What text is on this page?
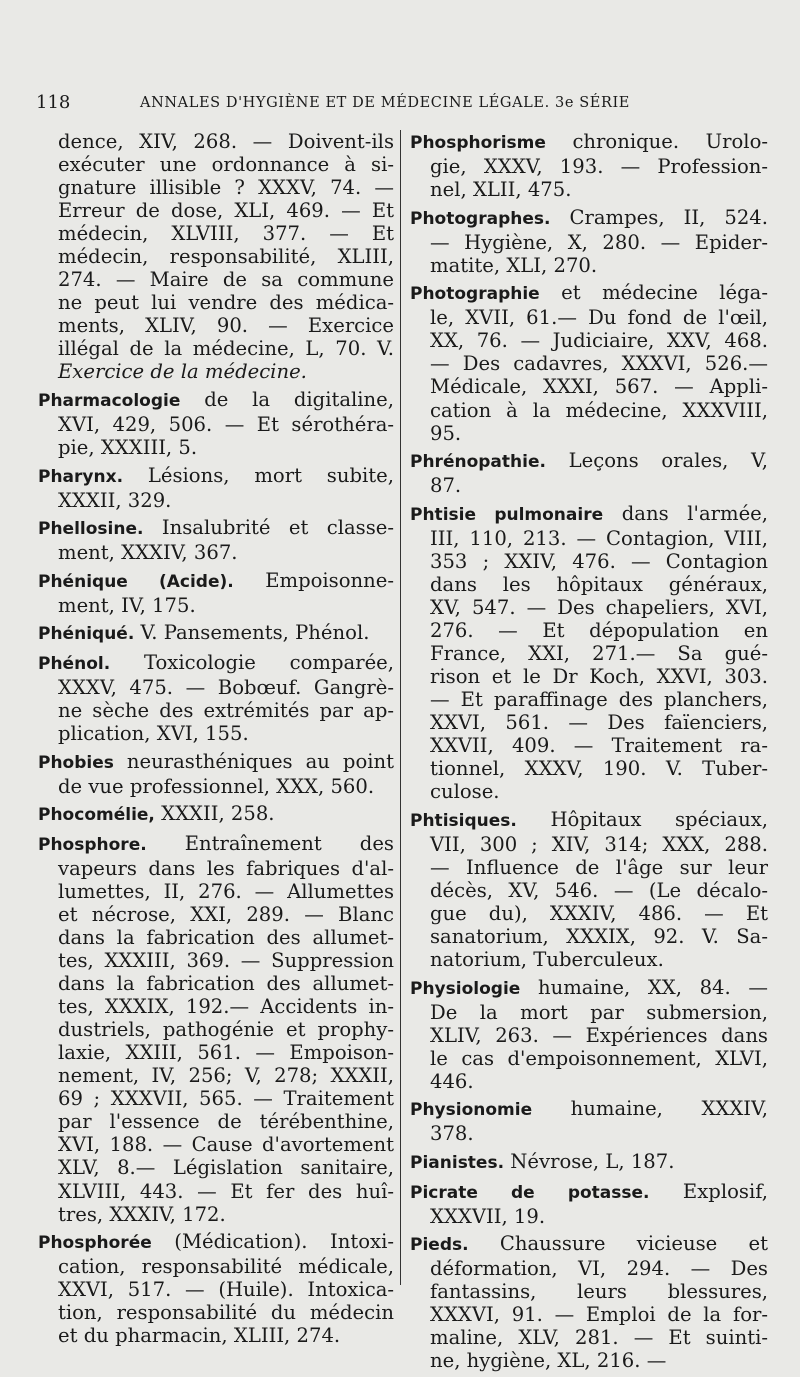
118	ANNALES D'HYGIÈNE ET DE MÉDECINE LÉGALE. 3e SÉRIE

dence, XIV, 268. — Doivent-ils

exécuter une ordonnance à si-

gnature illisible ? XXXV, 74. —

Erreur de dose, XLI, 469. — Et

médecin, XLVIII, 377. — Et

médecin, responsabilité, XLIII,

274. — Maire de sa commune

ne peut lui vendre des médica-

ments, XLIV, 90. — Exercice

illégal de la médecine, L, 70. V.

Exercice de la médecine.

Pharmacologie de la digitaline,

XVI, 429, 506. — Et sérothéra-

pie, XXXIII, 5.

Pharynx. Lésions, mort subite,

XXXII, 329.

Phellosine. Insalubrité et classe-

ment, XXXIV, 367.

Phénique (Acide). Empoisonne-

ment, IV, 175.

Phéniqué. V. Pansements, Phénol.

Phénol. Toxicologie comparée,

XXXV, 475. — Bobœuf. Gangrè-

ne sèche des extrémités par ap-

plication, XVI, 155.

Phobies neurasthéniques au point

de vue professionnel, XXX, 560.

Phocomélie, XXXII, 258.

Phosphore. Entraînement des

vapeurs dans les fabriques d'al-

lumettes, II, 276. — Allumettes

et nécrose, XXI, 289. — Blanc

dans la fabrication des allumet-

tes, XXXIII, 369. — Suppression

dans la fabrication des allumet-

tes, XXXIX, 192.— Accidents in-

dustriels, pathogénie et prophy-

laxie, XXIII, 561. — Empoison-

nement, IV, 256; V, 278; XXXII,

69 ; XXXVII, 565. — Traitement

par l'essence de térébenthine,

XVI, 188. — Cause d'avortement

XLV, 8.— Législation sanitaire,

XLVIII, 443. — Et fer des huî-

tres, XXXIV, 172.

Phosphorée (Médication). Intoxi-

cation, responsabilité médicale,

XXVI, 517. — (Huile). Intoxica-

tion, responsabilité du médecin

et du pharmacin, XLIII, 274.

Phosphorisme chronique. Urolo-

gie, XXXV, 193. — Profession-

nel, XLII, 475.

Photographes. Crampes, II, 524.

— Hygiène, X, 280. — Epider-

matite, XLI, 270.

Photographie et médecine léga-

le, XVII, 61.— Du fond de l'œil,

XX, 76. — Judiciaire, XXV, 468.

— Des cadavres, XXXVI, 526.—

Médicale, XXXI, 567. — Appli-

cation à la médecine, XXXVIII,

95.

Phrénopathie. Leçons orales, V,

87.

Phtisie pulmonaire dans l'armée,

III, 110, 213. — Contagion, VIII,

353 ; XXIV, 476. — Contagion

dans les hôpitaux généraux,

XV, 547. — Des chapeliers, XVI,

276. — Et dépopulation en

France, XXI, 271.— Sa gué-

rison et le Dr Koch, XXVI, 303.

— Et paraffinage des planchers,

XXVI, 561. — Des faïenciers,

XXVII, 409. — Traitement ra-

tionnel, XXXV, 190. V. Tuber-

culose.

Phtisiques. Hôpitaux spéciaux,

VII, 300 ; XIV, 314; XXX, 288.

— Influence de l'âge sur leur

décès, XV, 546. — (Le décalo-

gue du), XXXIV, 486. — Et

sanatorium, XXXIX, 92. V. Sa-

natorium, Tuberculeux.

Physiologie humaine, XX, 84. —

De la mort par submersion,

XLIV, 263. — Expériences dans

le cas d'empoisonnement, XLVI,

446.

Physionomie humaine, XXXIV,

378.

Pianistes. Névrose, L, 187.

Picrate de potasse. Explosif,

XXXVII, 19.

Pieds. Chaussure vicieuse et

déformation, VI, 294. — Des

fantassins, leurs blessures,

XXXVI, 91. — Emploi de la for-

maline, XLV, 281. — Et suinti-

ne, hygiène, XL, 216. —
